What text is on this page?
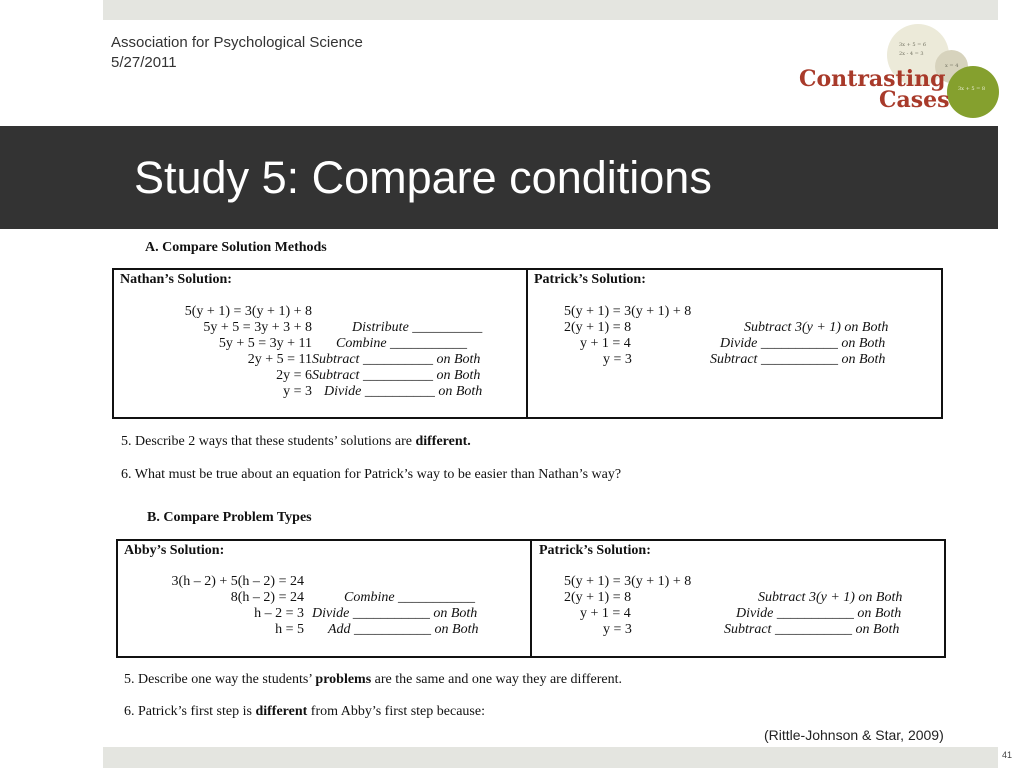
Association for Psychological Science
5/27/2011
3x + 5 = 6
2x - 4 = 3
x = 4
3x + 5 = 8
Contrasting
Cases
Study 5: Compare conditions
A. Compare Solution Methods
Nathan’s Solution:
5(y + 1) = 3(y + 1) + 8
5y + 5 = 3y + 3 + 8
5y + 5 = 3y + 11
2y + 5 = 11
2y = 6
y = 3
Distribute __________
Combine ___________
Subtract __________ on Both
Subtract __________ on Both
Divide __________ on Both
Patrick’s Solution:
5(y + 1) = 3(y + 1) + 8
2(y + 1) = 8
y + 1 = 4
y = 3
Subtract 3(y + 1) on Both
Divide ___________ on Both
Subtract ___________ on Both
5. Describe 2 ways that these students’ solutions are different.
6. What must be true about an equation for Patrick’s way to be easier than Nathan’s way?
B. Compare Problem Types
Abby’s Solution:
3(h – 2) + 5(h – 2) = 24
8(h – 2) = 24
h – 2 = 3
h = 5
Combine ___________
Divide ___________ on Both
Add ___________ on Both
Patrick’s Solution:
5(y + 1) = 3(y + 1) + 8
2(y + 1) = 8
y + 1 = 4
y = 3
Subtract 3(y + 1) on Both
Divide ___________ on Both
Subtract ___________ on Both
5. Describe one way the students’ problems are the same and one way they are different.
6. Patrick’s first step is different from Abby’s first step because:
(Rittle-Johnson & Star, 2009)
41
